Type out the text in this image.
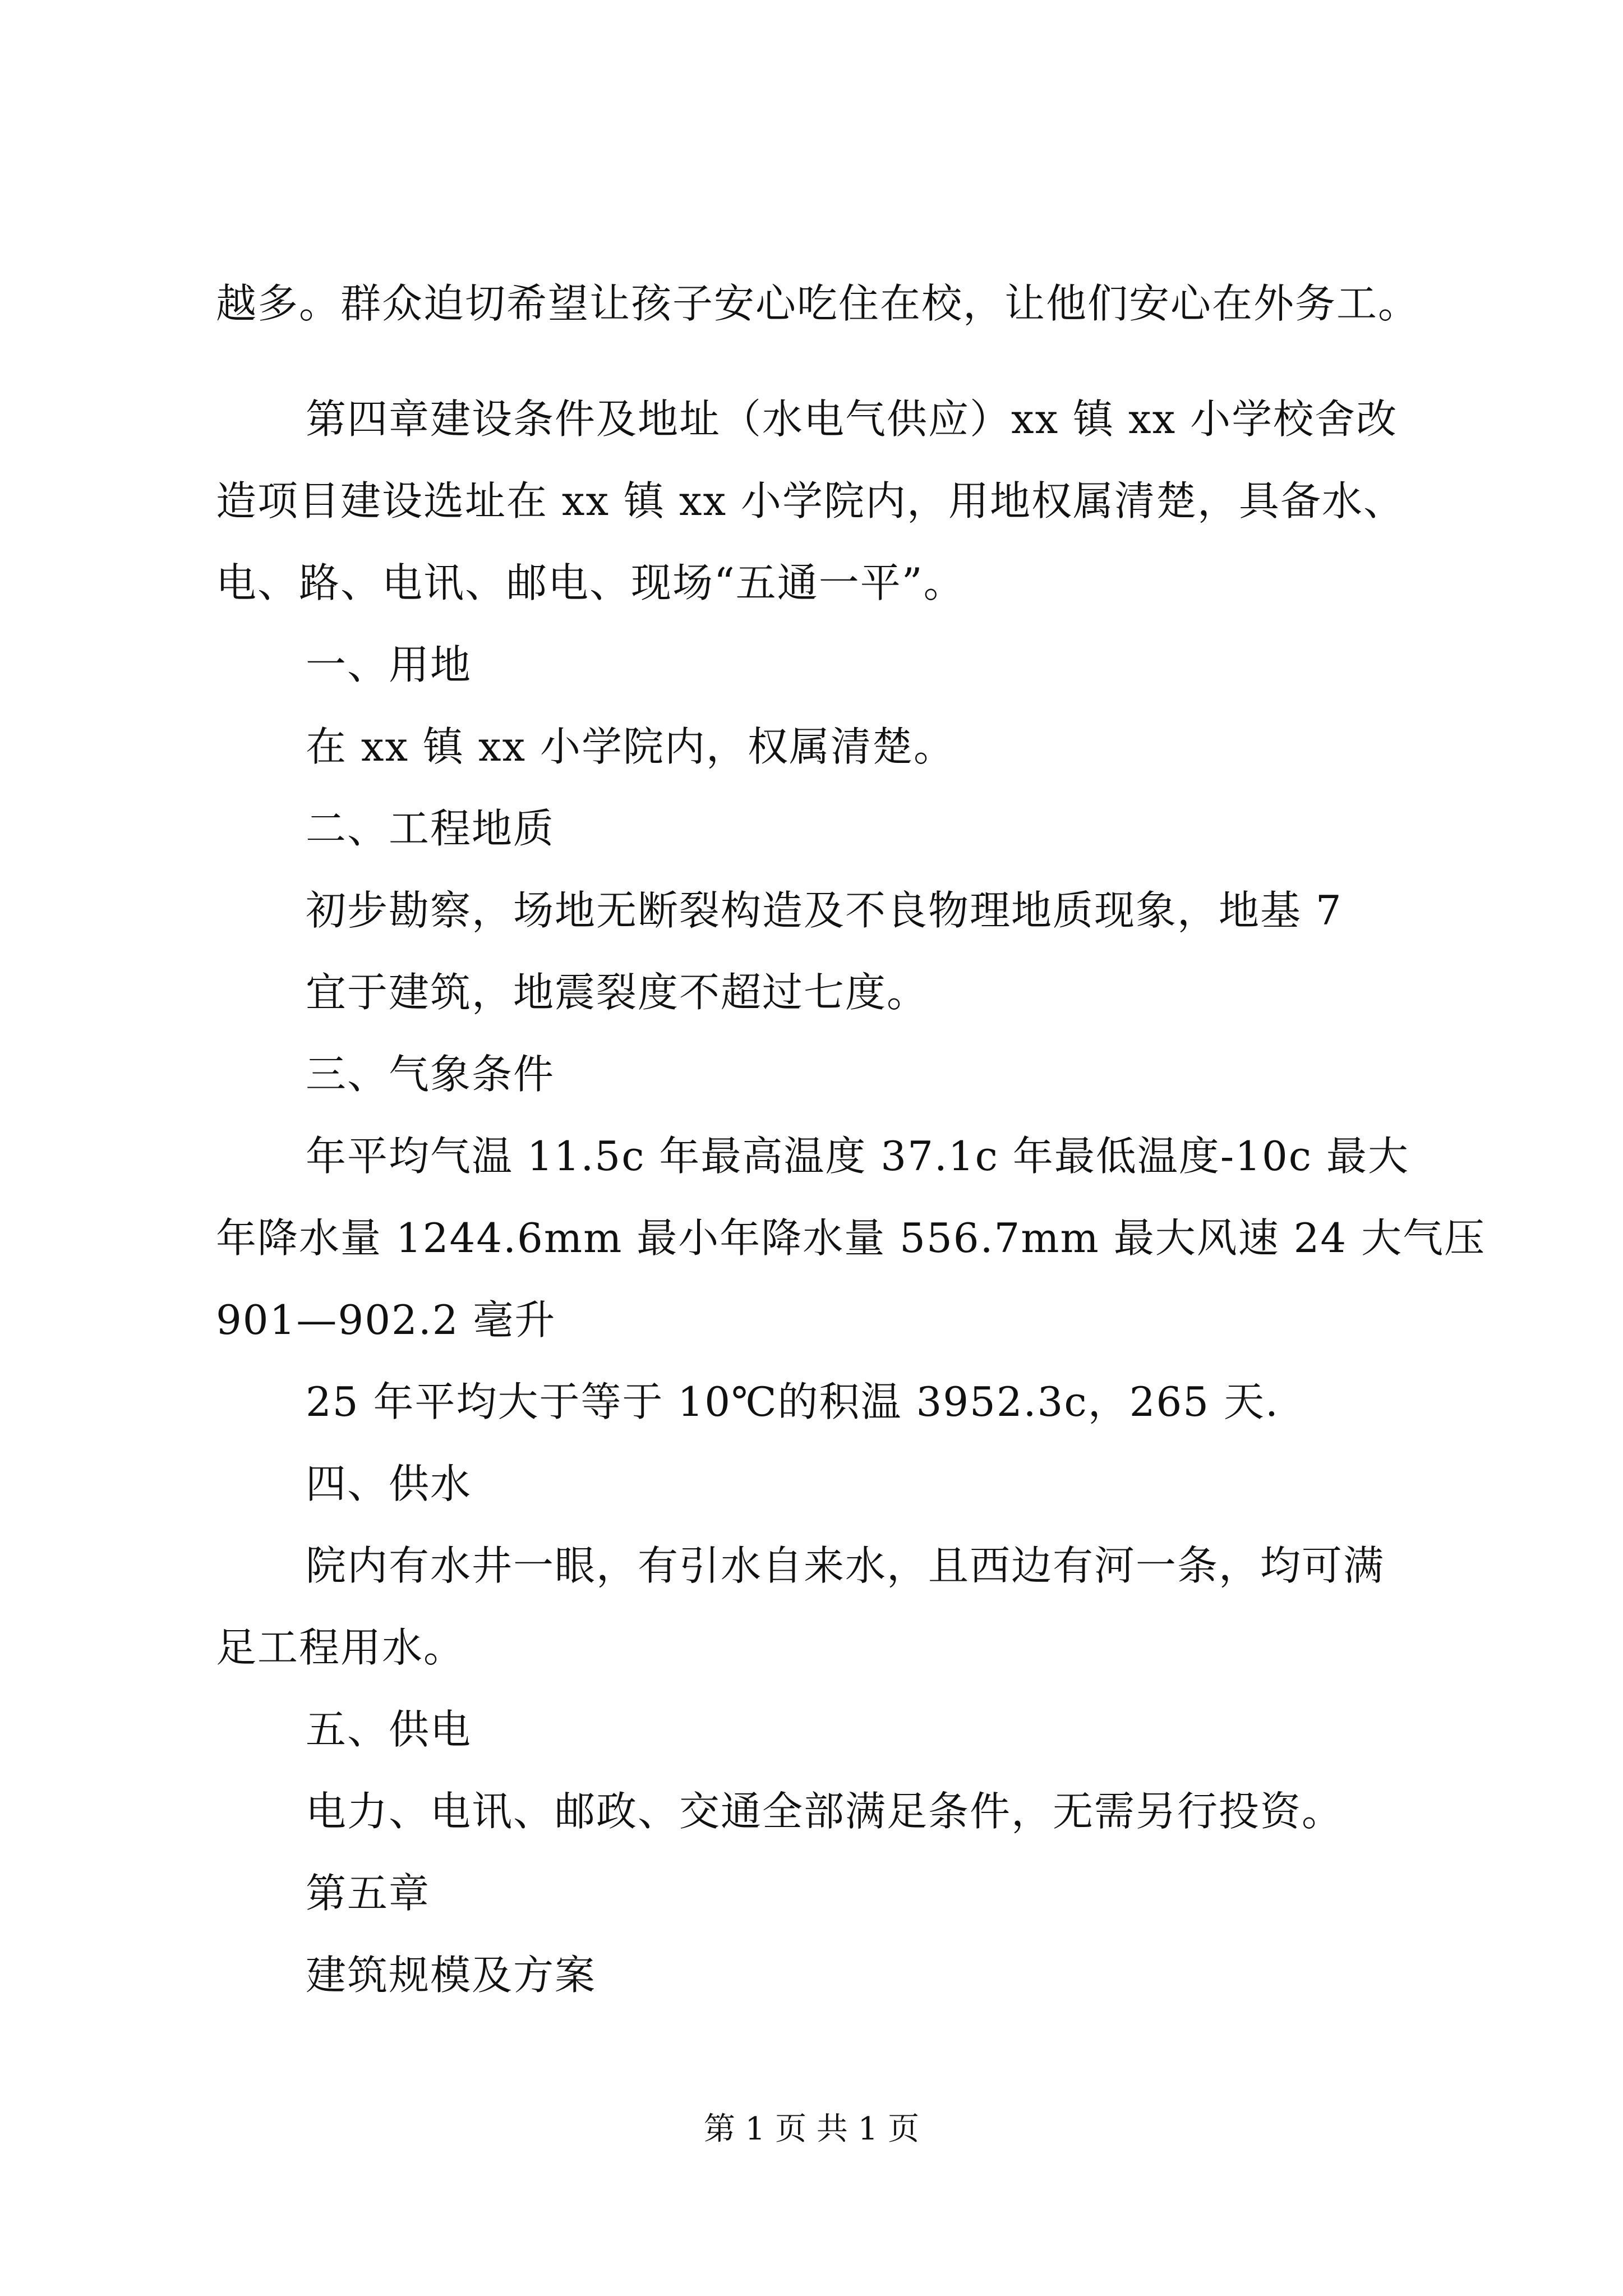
越多。群众迫切希望让孩子安心吃住在校，让他们安心在外务工。
第四章建设条件及地址（水电气供应）xx 镇 xx 小学校舍改
造项目建设选址在 xx 镇 xx 小学院内，用地权属清楚，具备水、
电、路、电讯、邮电、现场“五通一平”。
一、用地
在 xx 镇 xx 小学院内，权属清楚。
二、工程地质
初步勘察，场地无断裂构造及不良物理地质现象，地基 7
宜于建筑，地震裂度不超过七度。
三、气象条件
年平均气温 11.5c 年最高温度 37.1c 年最低温度-10c 最大
年降水量 1244.6mm 最小年降水量 556.7mm 最大风速 24 大气压
901—902.2 毫升
25 年平均大于等于 10℃的积温 3952.3c，265 天.
四、供水
院内有水井一眼，有引水自来水，且西边有河一条，均可满
足工程用水。
五、供电
电力、电讯、邮政、交通全部满足条件，无需另行投资。
第五章
建筑规模及方案
第 1 页 共 1 页
